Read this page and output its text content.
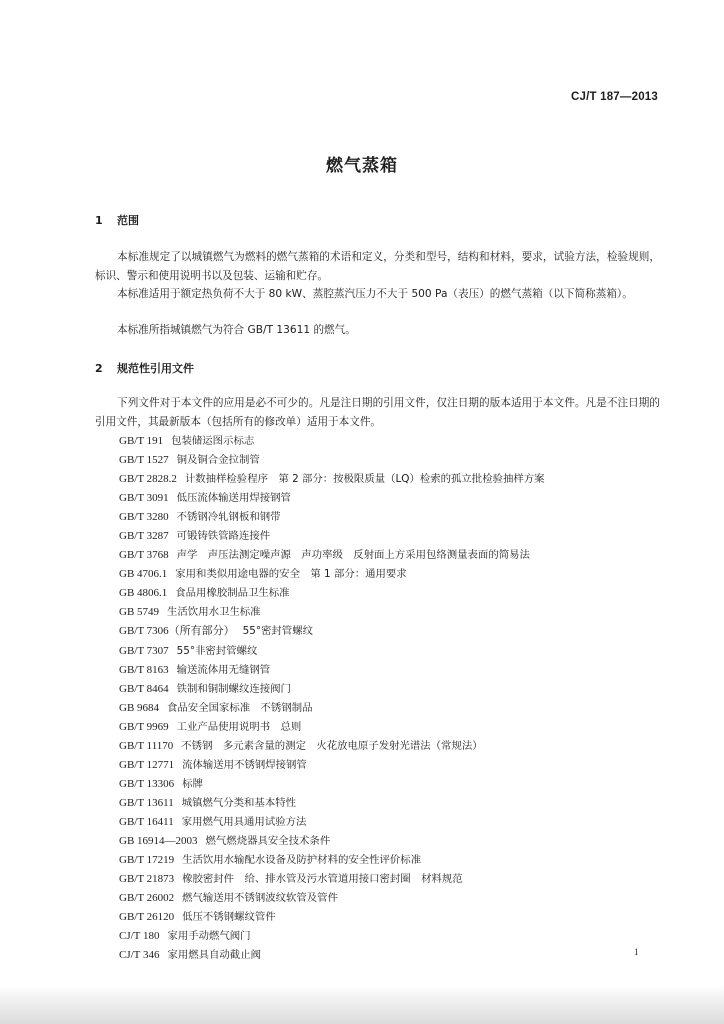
CJ/T 187—2013
燃气蒸箱
1 范围
本标准规定了以城镇燃气为燃料的燃气蒸箱的术语和定义，分类和型号，结构和材料，要求，试验方法，检验规则，标识、警示和使用说明书以及包装、运输和贮存。
本标准适用于额定热负荷不大于 80 kW、蒸腔蒸汽压力不大于 500 Pa（表压）的燃气蒸箱（以下简称蒸箱）。
本标准所指城镇燃气为符合 GB/T 13611 的燃气。
2 规范性引用文件
下列文件对于本文件的应用是必不可少的。凡是注日期的引用文件，仅注日期的版本适用于本文件。凡是不注日期的引用文件，其最新版本（包括所有的修改单）适用于本文件。
GB/T 191 包装储运图示标志
GB/T 1527 铜及铜合金拉制管
GB/T 2828.2 计数抽样检验程序　第 2 部分：按极限质量（LQ）检索的孤立批检验抽样方案
GB/T 3091 低压流体输送用焊接钢管
GB/T 3280 不锈钢冷轧钢板和钢带
GB/T 3287 可锻铸铁管路连接件
GB/T 3768 声学　声压法测定噪声源　声功率级　反射面上方采用包络测量表面的简易法
GB 4706.1 家用和类似用途电器的安全　第 1 部分：通用要求
GB 4806.1 食品用橡胶制品卫生标准
GB 5749 生活饮用水卫生标准
GB/T 7306（所有部分） 55°密封管螺纹
GB/T 7307 55°非密封管螺纹
GB/T 8163 输送流体用无缝钢管
GB/T 8464 铁制和铜制螺纹连接阀门
GB 9684 食品安全国家标准　不锈钢制品
GB/T 9969 工业产品使用说明书　总则
GB/T 11170 不锈钢　多元素含量的测定　火花放电原子发射光谱法（常规法）
GB/T 12771 流体输送用不锈钢焊接钢管
GB/T 13306 标牌
GB/T 13611 城镇燃气分类和基本特性
GB/T 16411 家用燃气用具通用试验方法
GB 16914—2003 燃气燃烧器具安全技术条件
GB/T 17219 生活饮用水输配水设备及防护材料的安全性评价标准
GB/T 21873 橡胶密封件　给、排水管及污水管道用接口密封圈　材料规范
GB/T 26002 燃气输送用不锈钢波纹软管及管件
GB/T 26120 低压不锈钢螺纹管件
CJ/T 180 家用手动燃气阀门
CJ/T 346 家用燃具自动截止阀	1
